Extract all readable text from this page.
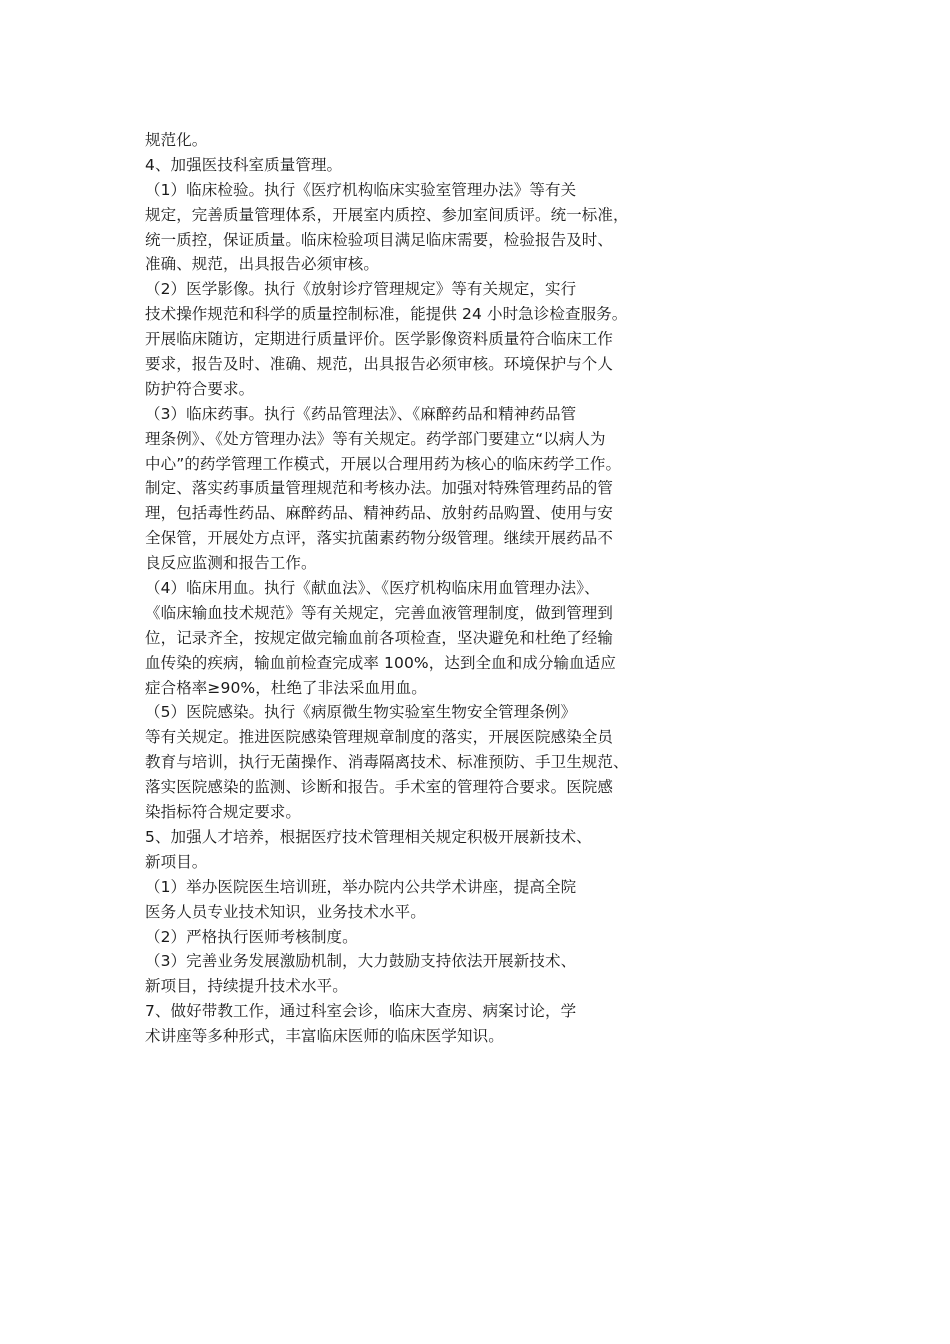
规范化。
4、加强医技科室质量管理。
（1）临床检验。执行《医疗机构临床实验室管理办法》等有关
规定，完善质量管理体系，开展室内质控、参加室间质评。统一标准，
统一质控，保证质量。临床检验项目满足临床需要，检验报告及时、
准确、规范，出具报告必须审核。
（2）医学影像。执行《放射诊疗管理规定》等有关规定，实行
技术操作规范和科学的质量控制标准，能提供 24 小时急诊检查服务。
开展临床随访，定期进行质量评价。医学影像资料质量符合临床工作
要求，报告及时、准确、规范，出具报告必须审核。环境保护与个人
防护符合要求。
（3）临床药事。执行《药品管理法》、《麻醉药品和精神药品管
理条例》、《处方管理办法》等有关规定。药学部门要建立“以病人为
中心”的药学管理工作模式，开展以合理用药为核心的临床药学工作。
制定、落实药事质量管理规范和考核办法。加强对特殊管理药品的管
理，包括毒性药品、麻醉药品、精神药品、放射药品购置、使用与安
全保管，开展处方点评，落实抗菌素药物分级管理。继续开展药品不
良反应监测和报告工作。
（4）临床用血。执行《献血法》、《医疗机构临床用血管理办法》、
《临床输血技术规范》等有关规定，完善血液管理制度，做到管理到
位，记录齐全，按规定做完输血前各项检查，坚决避免和杜绝了经输
血传染的疾病，输血前检查完成率 100%，达到全血和成分输血适应
症合格率≥90%，杜绝了非法采血用血。
（5）医院感染。执行《病原微生物实验室生物安全管理条例》
等有关规定。推进医院感染管理规章制度的落实，开展医院感染全员
教育与培训，执行无菌操作、消毒隔离技术、标准预防、手卫生规范、
落实医院感染的监测、诊断和报告。手术室的管理符合要求。医院感
染指标符合规定要求。
5、加强人才培养，根据医疗技术管理相关规定积极开展新技术、
新项目。
（1）举办医院医生培训班，举办院内公共学术讲座，提高全院
医务人员专业技术知识，业务技术水平。
（2）严格执行医师考核制度。
（3）完善业务发展激励机制，大力鼓励支持依法开展新技术、
新项目，持续提升技术水平。
7、做好带教工作，通过科室会诊，临床大查房、病案讨论，学
术讲座等多种形式，丰富临床医师的临床医学知识。
